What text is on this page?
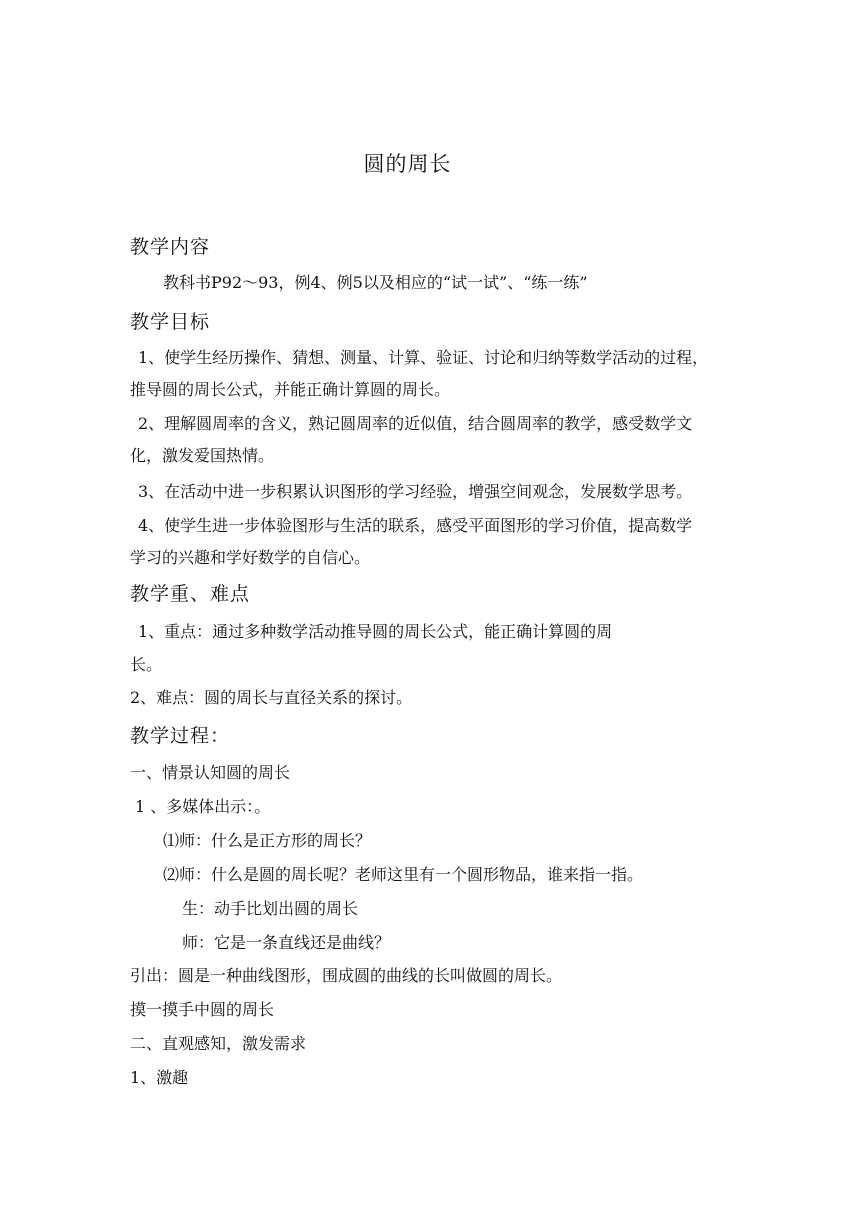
圆的周长
教学内容
教科书P92～93，例4、例5以及相应的“试一试”、“练一练”
教学目标
1、使学生经历操作、猜想、测量、计算、验证、讨论和归纳等数学活动的过程，
推导圆的周长公式，并能正确计算圆的周长。
2、理解圆周率的含义，熟记圆周率的近似值，结合圆周率的教学，感受数学文
化，激发爱国热情。
3、在活动中进一步积累认识图形的学习经验，增强空间观念，发展数学思考。
4、使学生进一步体验图形与生活的联系，感受平面图形的学习价值，提高数学
学习的兴趣和学好数学的自信心。
教学重、难点
1、重点：通过多种数学活动推导圆的周长公式，能正确计算圆的周
长。
2、难点：圆的周长与直径关系的探讨。
教学过程：
一、情景认知圆的周长
1 、多媒体出示：。
⑴师：什么是正方形的周长？
⑵师：什么是圆的周长呢？老师这里有一个圆形物品，谁来指一指。
生：动手比划出圆的周长
师：它是一条直线还是曲线？
引出：圆是一种曲线图形，围成圆的曲线的长叫做圆的周长。
摸一摸手中圆的周长
二、直观感知，激发需求
1、激趣
